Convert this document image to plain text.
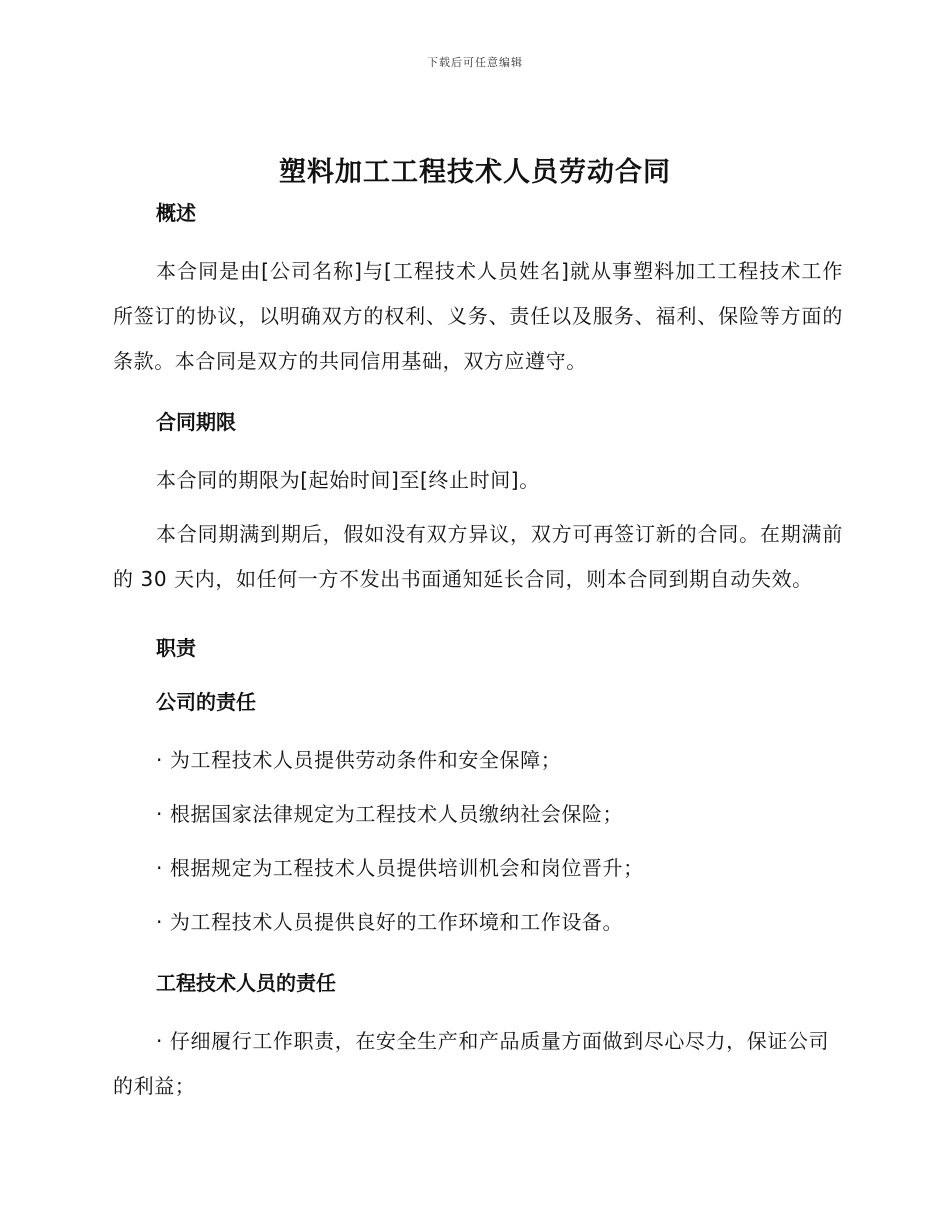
下载后可任意编辑
塑料加工工程技术人员劳动合同
概述
本合同是由[公司名称]与[工程技术人员姓名]就从事塑料加工工程技术工作所签订的协议，以明确双方的权利、义务、责任以及服务、福利、保险等方面的条款。本合同是双方的共同信用基础，双方应遵守。
合同期限
本合同的期限为[起始时间]至[终止时间]。
本合同期满到期后，假如没有双方异议，双方可再签订新的合同。在期满前的 30 天内，如任何一方不发出书面通知延长合同，则本合同到期自动失效。
职责
公司的责任
· 为工程技术人员提供劳动条件和安全保障；
· 根据国家法律规定为工程技术人员缴纳社会保险；
· 根据规定为工程技术人员提供培训机会和岗位晋升；
· 为工程技术人员提供良好的工作环境和工作设备。
工程技术人员的责任
· 仔细履行工作职责，在安全生产和产品质量方面做到尽心尽力，保证公司的利益；
